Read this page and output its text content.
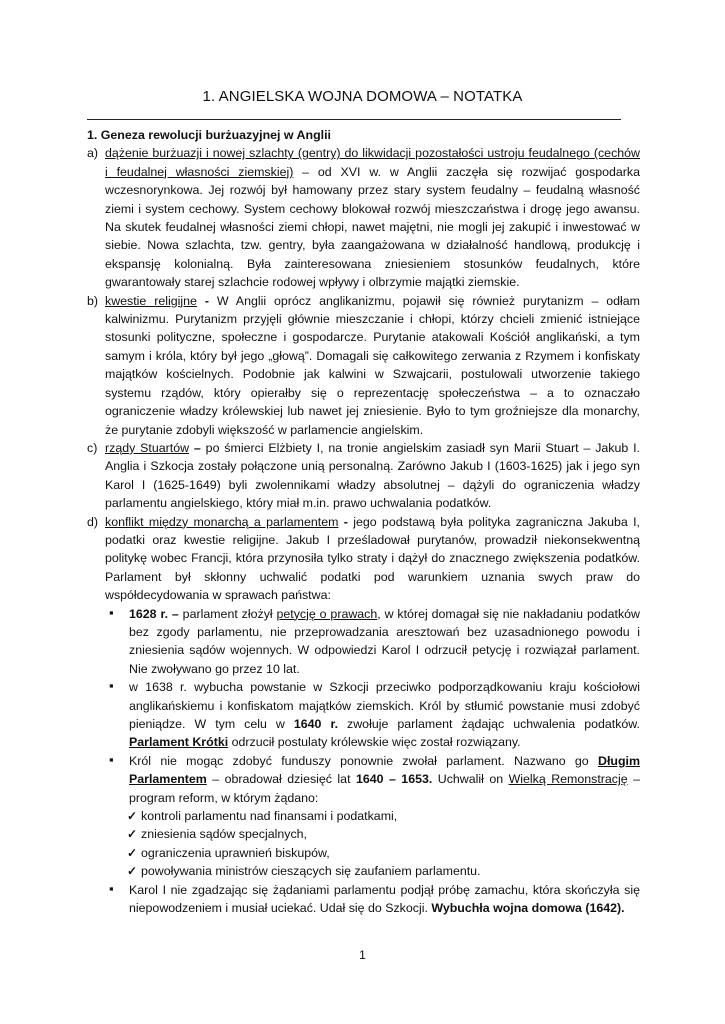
1. ANGIELSKA WOJNA DOMOWA – NOTATKA

1. Geneza rewolucji burżuazyjnej w Anglii

a) dążenie burżuazji i nowej szlachty (gentry) do likwidacji pozostałości ustroju feudalnego (cechów i feudalnej własności ziemskiej) – od XVI w. w Anglii zaczęła się rozwijać gospodarka wczesnorynkowa. Jej rozwój był hamowany przez stary system feudalny – feudalną własność ziemi i system cechowy. System cechowy blokował rozwój mieszczaństwa i drogę jego awansu. Na skutek feudalnej własności ziemi chłopi, nawet majętni, nie mogli jej zakupić i inwestować w siebie. Nowa szlachta, tzw. gentry, była zaangażowana w działalność handlową, produkcję i ekspansję kolonialną. Była zainteresowana zniesieniem stosunków feudalnych, które gwarantowały starej szlachcie rodowej wpływy i olbrzymie majątki ziemskie.

b) kwestie religijne - W Anglii oprócz anglikanizmu, pojawił się również purytanizm – odłam kalwinizmu. Purytanizm przyjęli głównie mieszczanie i chłopi, którzy chcieli zmienić istniejące stosunki polityczne, społeczne i gospodarcze. Purytanie atakowali Kościół anglikański, a tym samym i króla, który był jego „głową”. Domagali się całkowitego zerwania z Rzymem i konfiskaty majątków kościelnych. Podobnie jak kalwini w Szwajcarii, postulowali utworzenie takiego systemu rządów, który opierałby się o reprezentację społeczeństwa – a to oznaczało ograniczenie władzy królewskiej lub nawet jej zniesienie. Było to tym groźniejsze dla monarchy, że purytanie zdobyli większość w parlamencie angielskim.

c) rządy Stuartów – po śmierci Elżbiety I, na tronie angielskim zasiadł syn Marii Stuart – Jakub I. Anglia i Szkocja zostały połączone unią personalną. Zarówno Jakub I (1603-1625) jak i jego syn Karol I (1625-1649) byli zwolennikami władzy absolutnej – dążyli do ograniczenia władzy parlamentu angielskiego, który miał m.in. prawo uchwalania podatków.

d) konflikt między monarchą a parlamentem - jego podstawą była polityka zagraniczna Jakuba I, podatki oraz kwestie religijne. Jakub I prześladował purytanów, prowadził niekonsekwentną politykę wobec Francji, która przynosiła tylko straty i dążył do znacznego zwiększenia podatków. Parlament był skłonny uchwalić podatki pod warunkiem uznania swych praw do współdecydowania w sprawach państwa:

▪ 1628 r. – parlament złożył petycję o prawach, w której domagał się nie nakładaniu podatków bez zgody parlamentu, nie przeprowadzania aresztowań bez uzasadnionego powodu i zniesienia sądów wojennych. W odpowiedzi Karol I odrzucił petycję i rozwiązał parlament. Nie zwoływano go przez 10 lat.
▪ w 1638 r. wybucha powstanie w Szkocji przeciwko podporządkowaniu kraju kościołowi anglikańskiemu i konfiskatom majątków ziemskich. Król by stłumić powstanie musi zdobyć pieniądze. W tym celu w 1640 r. zwołuje parlament żądając uchwalenia podatków. Parlament Krótki odrzucił postulaty królewskie więc został rozwiązany.
▪ Król nie mogąc zdobyć funduszy ponownie zwołał parlament. Nazwano go Długim Parlamentem – obradował dziesięć lat 1640 – 1653. Uchwalił on Wielką Remonstrację – program reform, w którym żądano:
✓ kontroli parlamentu nad finansami i podatkami,
✓ zniesienia sądów specjalnych,
✓ ograniczenia uprawnień biskupów,
✓ powoływania ministrów cieszących się zaufaniem parlamentu.
▪ Karol I nie zgadzając się żądaniami parlamentu podjął próbę zamachu, która skończyła się niepowodzeniem i musiał uciekać. Udał się do Szkocji. Wybuchła wojna domowa (1642).
1
